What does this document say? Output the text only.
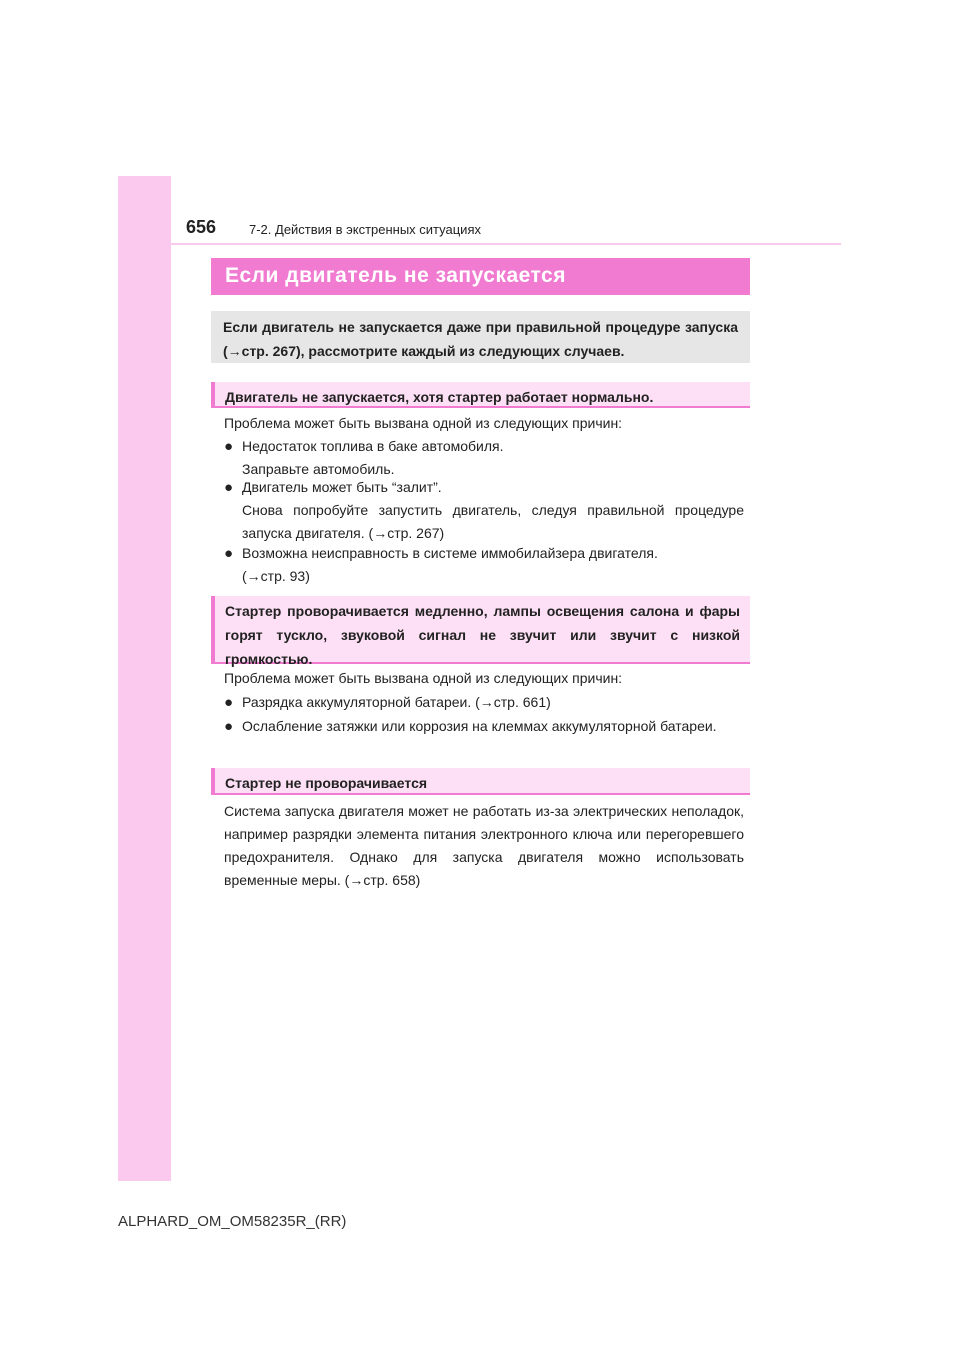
656	7-2. Действия в экстренных ситуациях
Если двигатель не запускается
Если двигатель не запускается даже при правильной процедуре запуска (→стр. 267), рассмотрите каждый из следующих случаев.
Двигатель не запускается, хотя стартер работает нормально.
Проблема может быть вызвана одной из следующих причин:
● Недостаток топлива в баке автомобиля.
Заправьте автомобиль.
● Двигатель может быть “залит”.
Снова попробуйте запустить двигатель, следуя правильной процедуре запуска двигателя. (→стр. 267)
● Возможна неисправность в системе иммобилайзера двигателя.
(→стр. 93)
Стартер проворачивается медленно, лампы освещения салона и фары горят тускло, звуковой сигнал не звучит или звучит с низкой громкостью.
Проблема может быть вызвана одной из следующих причин:
● Разрядка аккумуляторной батареи. (→стр. 661)
● Ослабление затяжки или коррозия на клеммах аккумуляторной батареи.
Стартер не проворачивается
Система запуска двигателя может не работать из-за электрических неполадок, например разрядки элемента питания электронного ключа или перегоревшего предохранителя. Однако для запуска двигателя можно использовать временные меры. (→стр. 658)
ALPHARD_OM_OM58235R_(RR)
